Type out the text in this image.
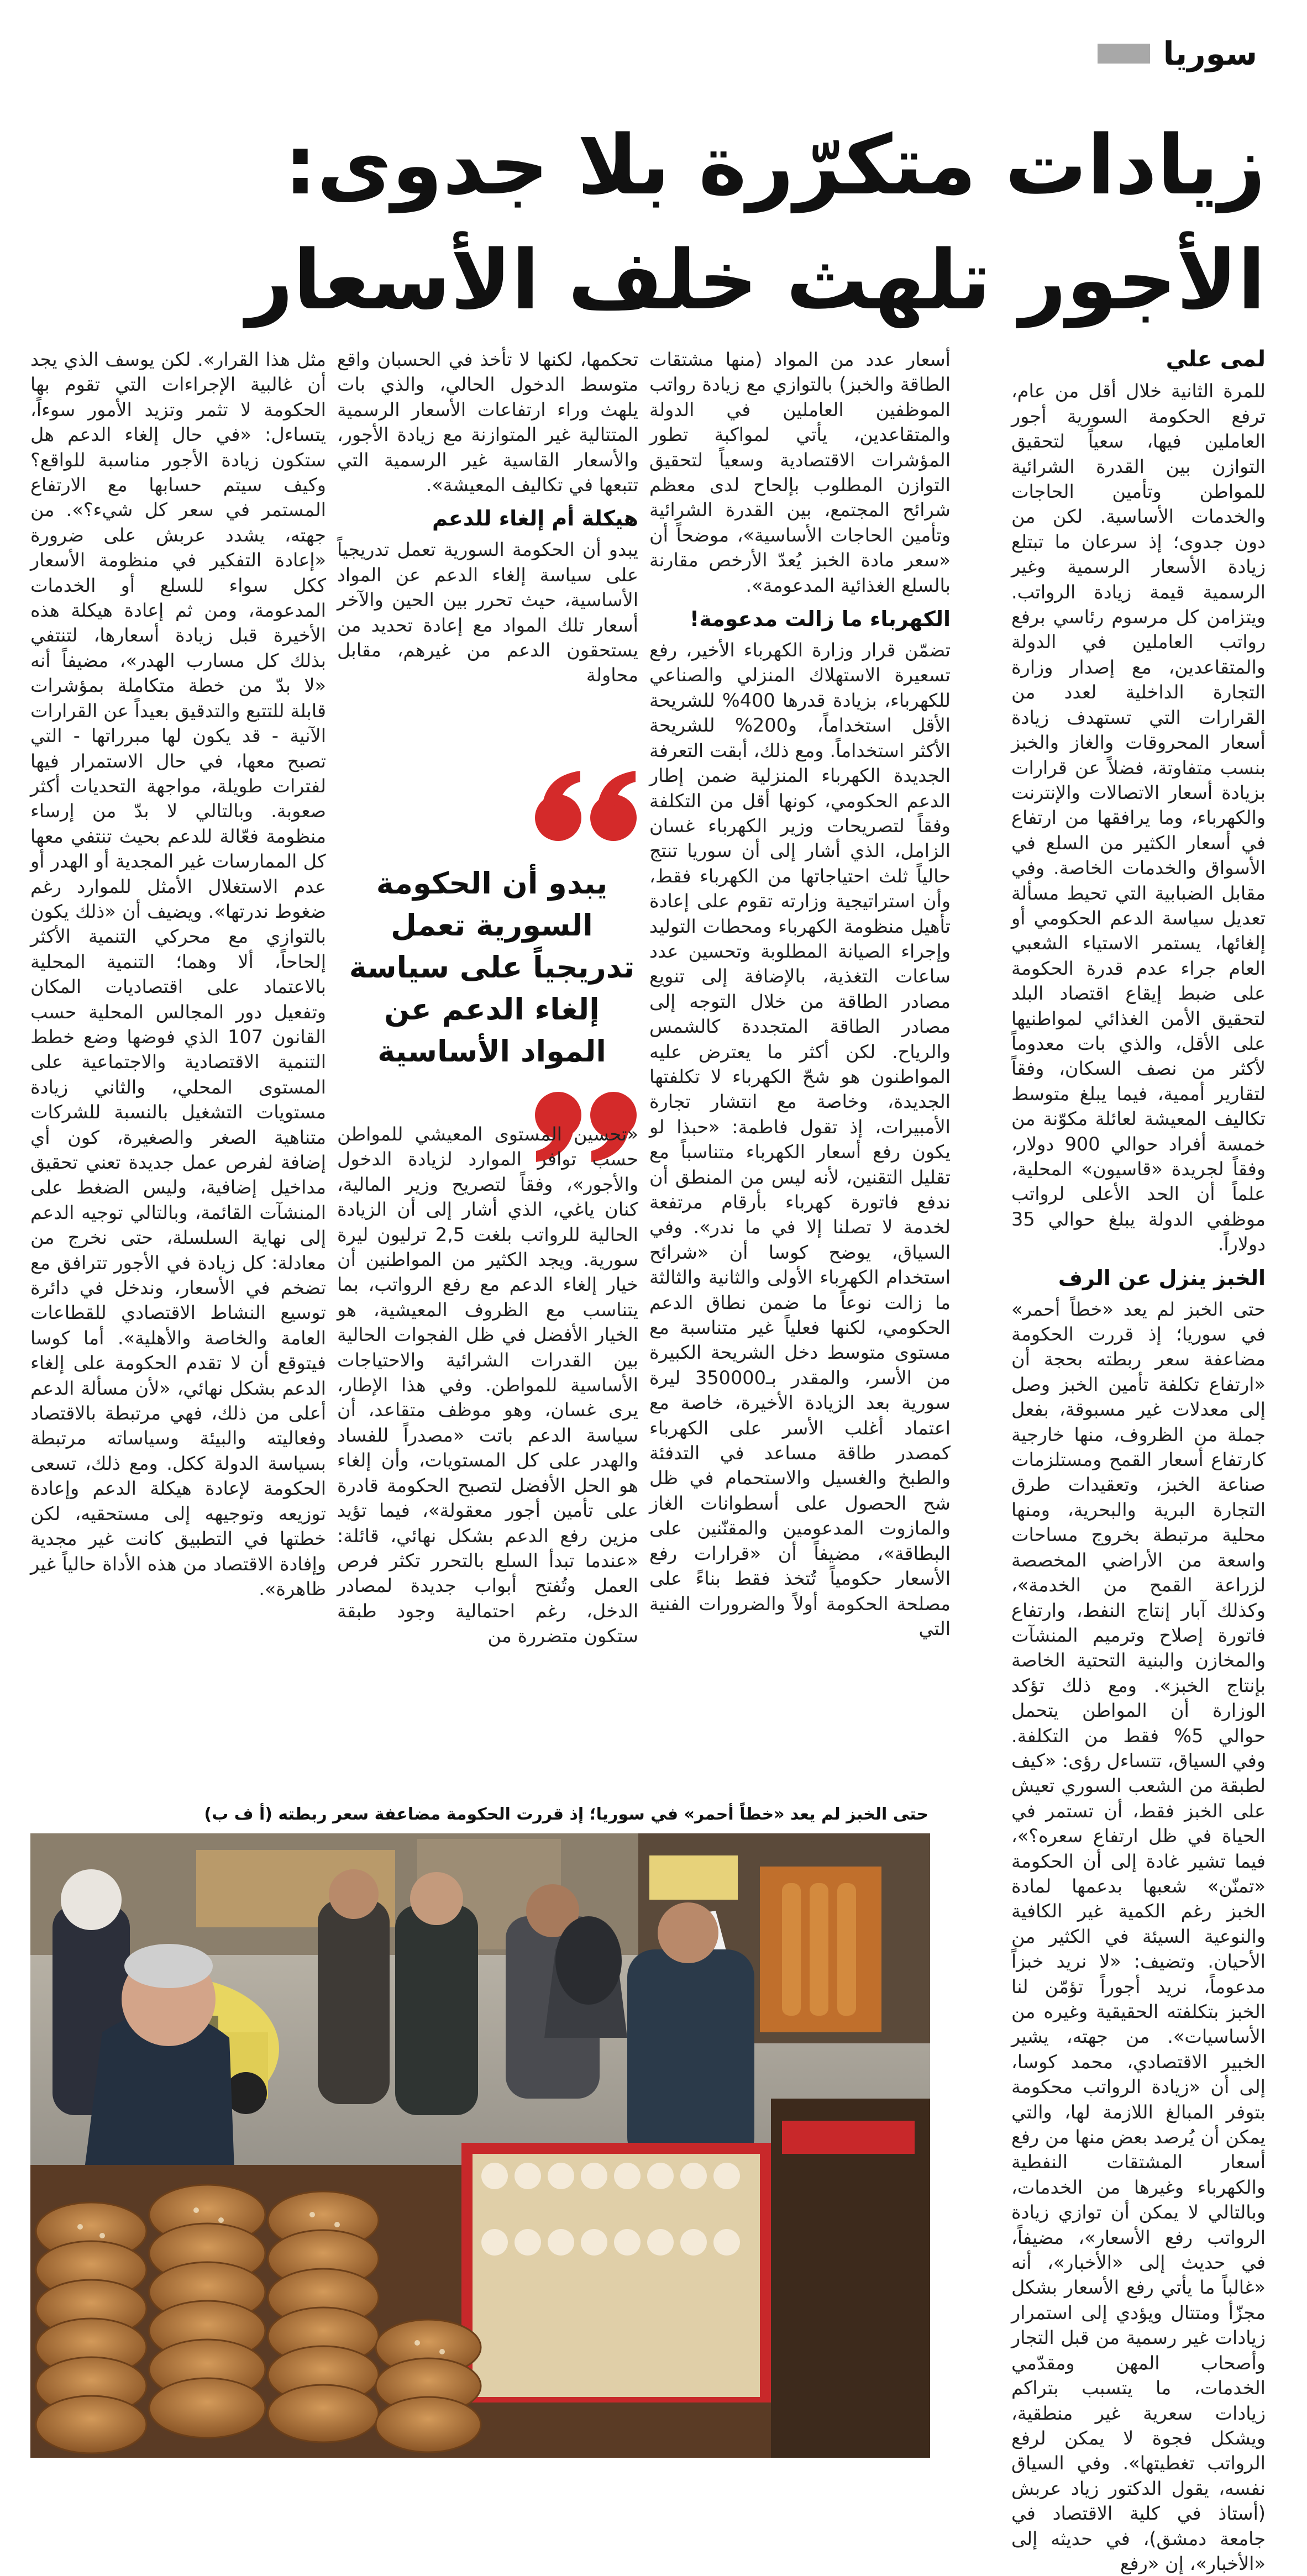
سوريا
زيادات متكرّرة بلا جدوى:
الأجور تلهث خلف الأسعار
لمى علي

للمرة الثانية خلال أقل من عام، ترفع الحكومة السورية أجور العاملين فيها، سعياً لتحقيق التوازن بين القدرة الشرائية للمواطن وتأمين الحاجات والخدمات الأساسية. لكن من دون جدوى؛ إذ سرعان ما تبتلع زيادة الأسعار الرسمية وغير الرسمية قيمة زيادة الرواتب. ويتزامن كل مرسوم رئاسي برفع رواتب العاملين في الدولة والمتقاعدين، مع إصدار وزارة التجارة الداخلية لعدد من القرارات التي تستهدف زيادة أسعار المحروقات والغاز والخبز بنسب متفاوتة، فضلاً عن قرارات بزيادة أسعار الاتصالات والإنترنت والكهرباء، وما يرافقها من ارتفاع في أسعار الكثير من السلع في الأسواق والخدمات الخاصة. وفي مقابل الضبابية التي تحيط مسألة تعديل سياسة الدعم الحكومي أو إلغائها، يستمر الاستياء الشعبي العام جراء عدم قدرة الحكومة على ضبط إيقاع اقتصاد البلد لتحقيق الأمن الغذائي لمواطنيها على الأقل، والذي بات معدوماً لأكثر من نصف السكان، وفقاً لتقارير أممية، فيما يبلغ متوسط تكاليف المعيشة لعائلة مكوّنة من خمسة أفراد حوالي 900 دولار، وفقاً لجريدة «قاسيون» المحلية، علماً أن الحد الأعلى لرواتب موظفي الدولة يبلغ حوالي 35 دولاراً.

الخبز ينزل عن الرف

حتى الخبز لم يعد «خطاً أحمر» في سوريا؛ إذ قررت الحكومة مضاعفة سعر ربطته بحجة أن «ارتفاع تكلفة تأمين الخبز وصل إلى معدلات غير مسبوقة، بفعل جملة من الظروف، منها خارجية كارتفاع أسعار القمح ومستلزمات صناعة الخبز، وتعقيدات طرق التجارة البرية والبحرية، ومنها محلية مرتبطة بخروج مساحات واسعة من الأراضي المخصصة لزراعة القمح من الخدمة»، وكذلك آبار إنتاج النفط، وارتفاع فاتورة إصلاح وترميم المنشآت والمخازن والبنية التحتية الخاصة بإنتاج الخبز». ومع ذلك تؤكد الوزارة أن المواطن يتحمل حوالي 5% فقط من التكلفة. وفي السياق، تتساءل رؤى: «كيف لطبقة من الشعب السوري تعيش على الخبز فقط، أن تستمر في الحياة في ظل ارتفاع سعره؟»، فيما تشير غادة إلى أن الحكومة «تمنّن» شعبها بدعمها لمادة الخبز رغم الكمية غير الكافية والنوعية السيئة في الكثير من الأحيان. وتضيف: «لا نريد خبزاً مدعوماً، نريد أجوراً تؤمّن لنا الخبز بتكلفته الحقيقية وغيره من الأساسيات». من جهته، يشير الخبير الاقتصادي، محمد كوسا، إلى أن «زيادة الرواتب محكومة بتوفر المبالغ اللازمة لها، والتي يمكن أن يُرصد بعض منها من رفع أسعار المشتقات النفطية والكهرباء وغيرها من الخدمات، وبالتالي لا يمكن أن توازي زيادة الرواتب رفع الأسعار»، مضيفاً، في حديث إلى «الأخبار»، أنه «غالباً ما يأتي رفع الأسعار بشكل مجزّأ ومتتال ويؤدي إلى استمرار زيادات غير رسمية من قبل التجار وأصحاب المهن ومقدّمي الخدمات، ما يتسبب بتراكم زيادات سعرية غير منطقية، ويشكل فجوة لا يمكن لرفع الرواتب تغطيتها». وفي السياق نفسه، يقول الدكتور زياد عربش (أستاذ في كلية الاقتصاد في جامعة دمشق)، في حديثه إلى «الأخبار»، إن «رفع

أسعار عدد من المواد (منها مشتقات الطاقة والخبز) بالتوازي مع زيادة رواتب الموظفين العاملين في الدولة والمتقاعدين، يأتي لمواكبة تطور المؤشرات الاقتصادية وسعياً لتحقيق التوازن المطلوب بإلحاح لدى معظم شرائح المجتمع، بين القدرة الشرائية وتأمين الحاجات الأساسية»، موضحاً أن «سعر مادة الخبز يُعدّ الأرخص مقارنة بالسلع الغذائية المدعومة».

الكهرباء ما زالت مدعومة!

تضمّن قرار وزارة الكهرباء الأخير، رفع تسعيرة الاستهلاك المنزلي والصناعي للكهرباء، بزيادة قدرها 400% للشريحة الأقل استخداماً، و200% للشريحة الأكثر استخداماً. ومع ذلك، أبقت التعرفة الجديدة الكهرباء المنزلية ضمن إطار الدعم الحكومي، كونها أقل من التكلفة وفقاً لتصريحات وزير الكهرباء غسان الزامل، الذي أشار إلى أن سوريا تنتج حالياً ثلث احتياجاتها من الكهرباء فقط، وأن استراتيجية وزارته تقوم على إعادة تأهيل منظومة الكهرباء ومحطات التوليد وإجراء الصيانة المطلوبة وتحسين عدد ساعات التغذية، بالإضافة إلى تنويع مصادر الطاقة من خلال التوجه إلى مصادر الطاقة المتجددة كالشمس والرياح. لكن أكثر ما يعترض عليه المواطنون هو شحّ الكهرباء لا تكلفتها الجديدة، وخاصة مع انتشار تجارة الأمبيرات، إذ تقول فاطمة: «حبذا لو يكون رفع أسعار الكهرباء متناسباً مع تقليل التقنين، لأنه ليس من المنطق أن ندفع فاتورة كهرباء بأرقام مرتفعة لخدمة لا تصلنا إلا في ما ندر». وفي السياق، يوضح كوسا أن «شرائح استخدام الكهرباء الأولى والثانية والثالثة ما زالت نوعاً ما ضمن نطاق الدعم الحكومي، لكنها فعلياً غير متناسبة مع مستوى متوسط دخل الشريحة الكبيرة من الأسر، والمقدر بـ350000 ليرة سورية بعد الزيادة الأخيرة، خاصة مع اعتماد أغلب الأسر على الكهرباء كمصدر طاقة مساعد في التدفئة والطبخ والغسيل والاستحمام في ظل شح الحصول على أسطوانات الغاز والمازوت المدعومين والمقنّنين على البطاقة»، مضيفاً أن «قرارات رفع الأسعار حكومياً تُتخذ فقط بناءً على مصلحة الحكومة أولاً والضرورات الفنية التي

تحكمها، لكنها لا تأخذ في الحسبان واقع متوسط الدخول الحالي، والذي بات يلهث وراء ارتفاعات الأسعار الرسمية المتتالية غير المتوازنة مع زيادة الأجور، والأسعار القاسية غير الرسمية التي تتبعها في تكاليف المعيشة».

هيكلة أم إلغاء للدعم

يبدو أن الحكومة السورية تعمل تدريجياً على سياسة إلغاء الدعم عن المواد الأساسية، حيث تحرر بين الحين والآخر أسعار تلك المواد مع إعادة تحديد من يستحقون الدعم من غيرهم، مقابل محاولة

يبدو أن الحكومة السورية تعمل تدريجياً على سياسة إلغاء الدعم عن المواد الأساسية

«تحسين المستوى المعيشي للمواطن حسب توافر الموارد لزيادة الدخول والأجور»، وفقاً لتصريح وزير المالية، كنان ياغي، الذي أشار إلى أن الزيادة الحالية للرواتب بلغت 2,5 ترليون ليرة سورية. ويجد الكثير من المواطنين أن خيار إلغاء الدعم مع رفع الرواتب، بما يتناسب مع الظروف المعيشية، هو الخيار الأفضل في ظل الفجوات الحالية بين القدرات الشرائية والاحتياجات الأساسية للمواطن. وفي هذا الإطار، يرى غسان، وهو موظف متقاعد، أن سياسة الدعم باتت «مصدراً للفساد والهدر على كل المستويات، وأن إلغاء هو الحل الأفضل لتصبح الحكومة قادرة على تأمين أجور معقولة»، فيما تؤيد مزين رفع الدعم بشكل نهائي، قائلة: «عندما تبدأ السلع بالتحرر تكثر فرص العمل وتُفتح أبواب جديدة لمصادر الدخل، رغم احتمالية وجود طبقة ستكون متضررة من

مثل هذا القرار». لكن يوسف الذي يجد أن غالبية الإجراءات التي تقوم بها الحكومة لا تثمر وتزيد الأمور سوءاً، يتساءل: «في حال إلغاء الدعم هل ستكون زيادة الأجور مناسبة للواقع؟ وكيف سيتم حسابها مع الارتفاع المستمر في سعر كل شيء؟». من جهته، يشدد عربش على ضرورة «إعادة التفكير في منظومة الأسعار ككل سواء للسلع أو الخدمات المدعومة، ومن ثم إعادة هيكلة هذه الأخيرة قبل زيادة أسعارها، لتنتفي بذلك كل مسارب الهدر»، مضيفاً أنه «لا بدّ من خطة متكاملة بمؤشرات قابلة للتتبع والتدقيق بعيداً عن القرارات الآنية - قد يكون لها مبرراتها - التي تصبح معها، في حال الاستمرار فيها لفترات طويلة، مواجهة التحديات أكثر صعوبة. وبالتالي لا بدّ من إرساء منظومة فعّالة للدعم بحيث تنتفي معها كل الممارسات غير المجدية أو الهدر أو عدم الاستغلال الأمثل للموارد رغم ضغوط ندرتها». ويضيف أن «ذلك يكون بالتوازي مع محركي التنمية الأكثر إلحاحاً، ألا وهما؛ التنمية المحلية بالاعتماد على اقتصاديات المكان وتفعيل دور المجالس المحلية حسب القانون 107 الذي فوضها وضع خطط التنمية الاقتصادية والاجتماعية على المستوى المحلي، والثاني زيادة مستويات التشغيل بالنسبة للشركات متناهية الصغر والصغيرة، كون أي إضافة لفرص عمل جديدة تعني تحقيق مداخيل إضافية، وليس الضغط على المنشآت القائمة، وبالتالي توجيه الدعم إلى نهاية السلسلة، حتى نخرج من معادلة: كل زيادة في الأجور تترافق مع تضخم في الأسعار، وندخل في دائرة توسيع النشاط الاقتصادي للقطاعات العامة والخاصة والأهلية». أما كوسا فيتوقع أن لا تقدم الحكومة على إلغاء الدعم بشكل نهائي، «لأن مسألة الدعم أعلى من ذلك، فهي مرتبطة بالاقتصاد وفعاليته والبيئة وسياساته مرتبطة بسياسة الدولة ككل. ومع ذلك، تسعى الحكومة لإعادة هيكلة الدعم وإعادة توزيعه وتوجيهه إلى مستحقيه، لكن خطتها في التطبيق كانت غير مجدية وإفادة الاقتصاد من هذه الأداة حالياً غير ظاهرة».

حتى الخبز لم يعد «خطاً أحمر» في سوريا؛ إذ قررت الحكومة مضاعفة سعر ربطته (أ ف ب)
